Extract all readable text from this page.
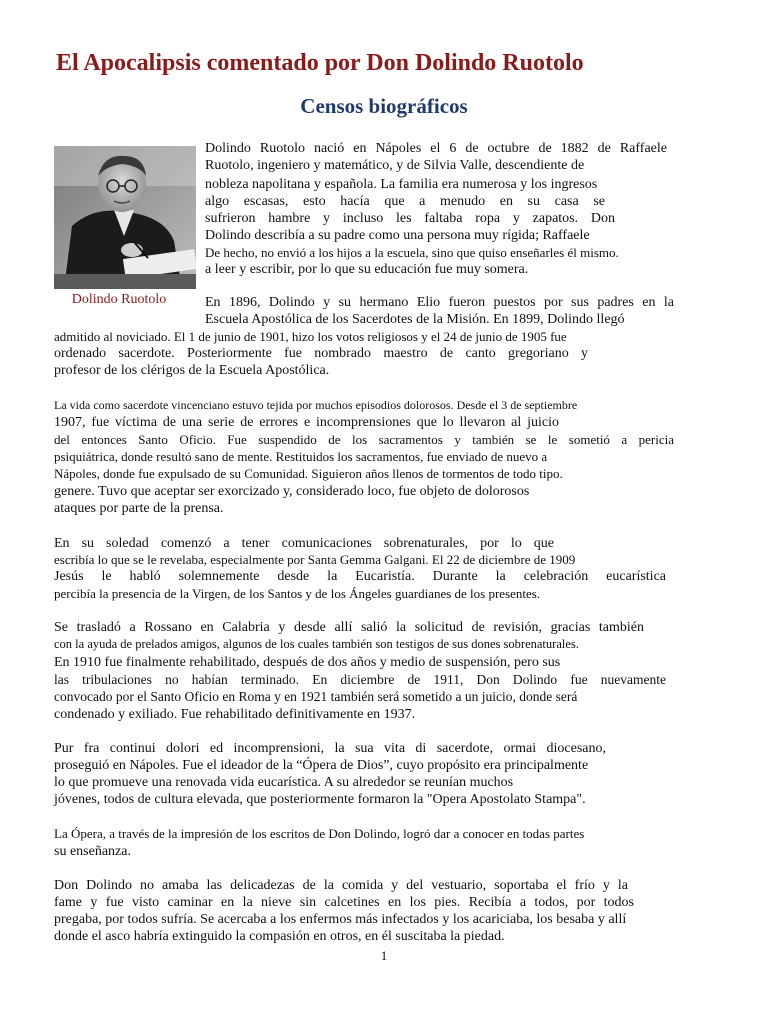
El Apocalipsis comentado por Don Dolindo Ruotolo
Censos biográficos
Dolindo Ruotolo
Dolindo Ruotolo nació en Nápoles el 6 de octubre de 1882 de Raffaele
Ruotolo, ingeniero y matemático, y de Silvia Valle, descendiente de
nobleza napolitana y española. La familia era numerosa y los ingresos
algo escasas, esto hacía que a menudo en su casa se
sufrieron hambre y incluso les faltaba ropa y zapatos. Don
Dolindo describía a su padre como una persona muy rígida; Raffaele
De hecho, no envió a los hijos a la escuela, sino que quiso enseñarles él mismo.
a leer y escribir, por lo que su educación fue muy somera.
En 1896, Dolindo y su hermano Elio fueron puestos por sus padres en la
Escuela Apostólica de los Sacerdotes de la Misión. En 1899, Dolindo llegó
admitido al noviciado. El 1 de junio de 1901, hizo los votos religiosos y el 24 de junio de 1905 fue
ordenado sacerdote. Posteriormente fue nombrado maestro de canto gregoriano y
profesor de los clérigos de la Escuela Apostólica.
La vida como sacerdote vincenciano estuvo tejida por muchos episodios dolorosos. Desde el 3 de septiembre
1907, fue víctima de una serie de errores e incomprensiones que lo llevaron al juicio
del entonces Santo Oficio. Fue suspendido de los sacramentos y también se le sometió a pericia
psiquiátrica, donde resultó sano de mente. Restituidos los sacramentos, fue enviado de nuevo a
Nápoles, donde fue expulsado de su Comunidad. Siguieron años llenos de tormentos de todo tipo.
genere. Tuvo que aceptar ser exorcizado y, considerado loco, fue objeto de dolorosos
ataques por parte de la prensa.
En su soledad comenzó a tener comunicaciones sobrenaturales, por lo que
escribía lo que se le revelaba, especialmente por Santa Gemma Galgani. El 22 de diciembre de 1909
Jesús le habló solemnemente desde la Eucaristía. Durante la celebración eucarística
percibía la presencia de la Virgen, de los Santos y de los Ángeles guardianes de los presentes.
Se trasladó a Rossano en Calabria y desde allí salió la solicitud de revisión, gracias también
con la ayuda de prelados amigos, algunos de los cuales también son testigos de sus dones sobrenaturales.
En 1910 fue finalmente rehabilitado, después de dos años y medio de suspensión, pero sus
las tribulaciones no habían terminado. En diciembre de 1911, Don Dolindo fue nuevamente
convocado por el Santo Oficio en Roma y en 1921 también será sometido a un juicio, donde será
condenado y exiliado. Fue rehabilitado definitivamente en 1937.
Pur fra continui dolori ed incomprensioni, la sua vita di sacerdote, ormai diocesano,
proseguió en Nápoles. Fue el ideador de la “Ópera de Dios”, cuyo propósito era principalmente
lo que promueve una renovada vida eucarística. A su alrededor se reunían muchos
jóvenes, todos de cultura elevada, que posteriormente formaron la "Opera Apostolato Stampa".
La Ópera, a través de la impresión de los escritos de Don Dolindo, logró dar a conocer en todas partes
su enseñanza.
Don Dolindo no amaba las delicadezas de la comida y del vestuario, soportaba el frío y la
fame y fue visto caminar en la nieve sin calcetines en los pies. Recibía a todos, por todos
pregaba, por todos sufría. Se acercaba a los enfermos más infectados y los acariciaba, los besaba y allí
donde el asco habría extinguido la compasión en otros, en él suscitaba la piedad.
1
